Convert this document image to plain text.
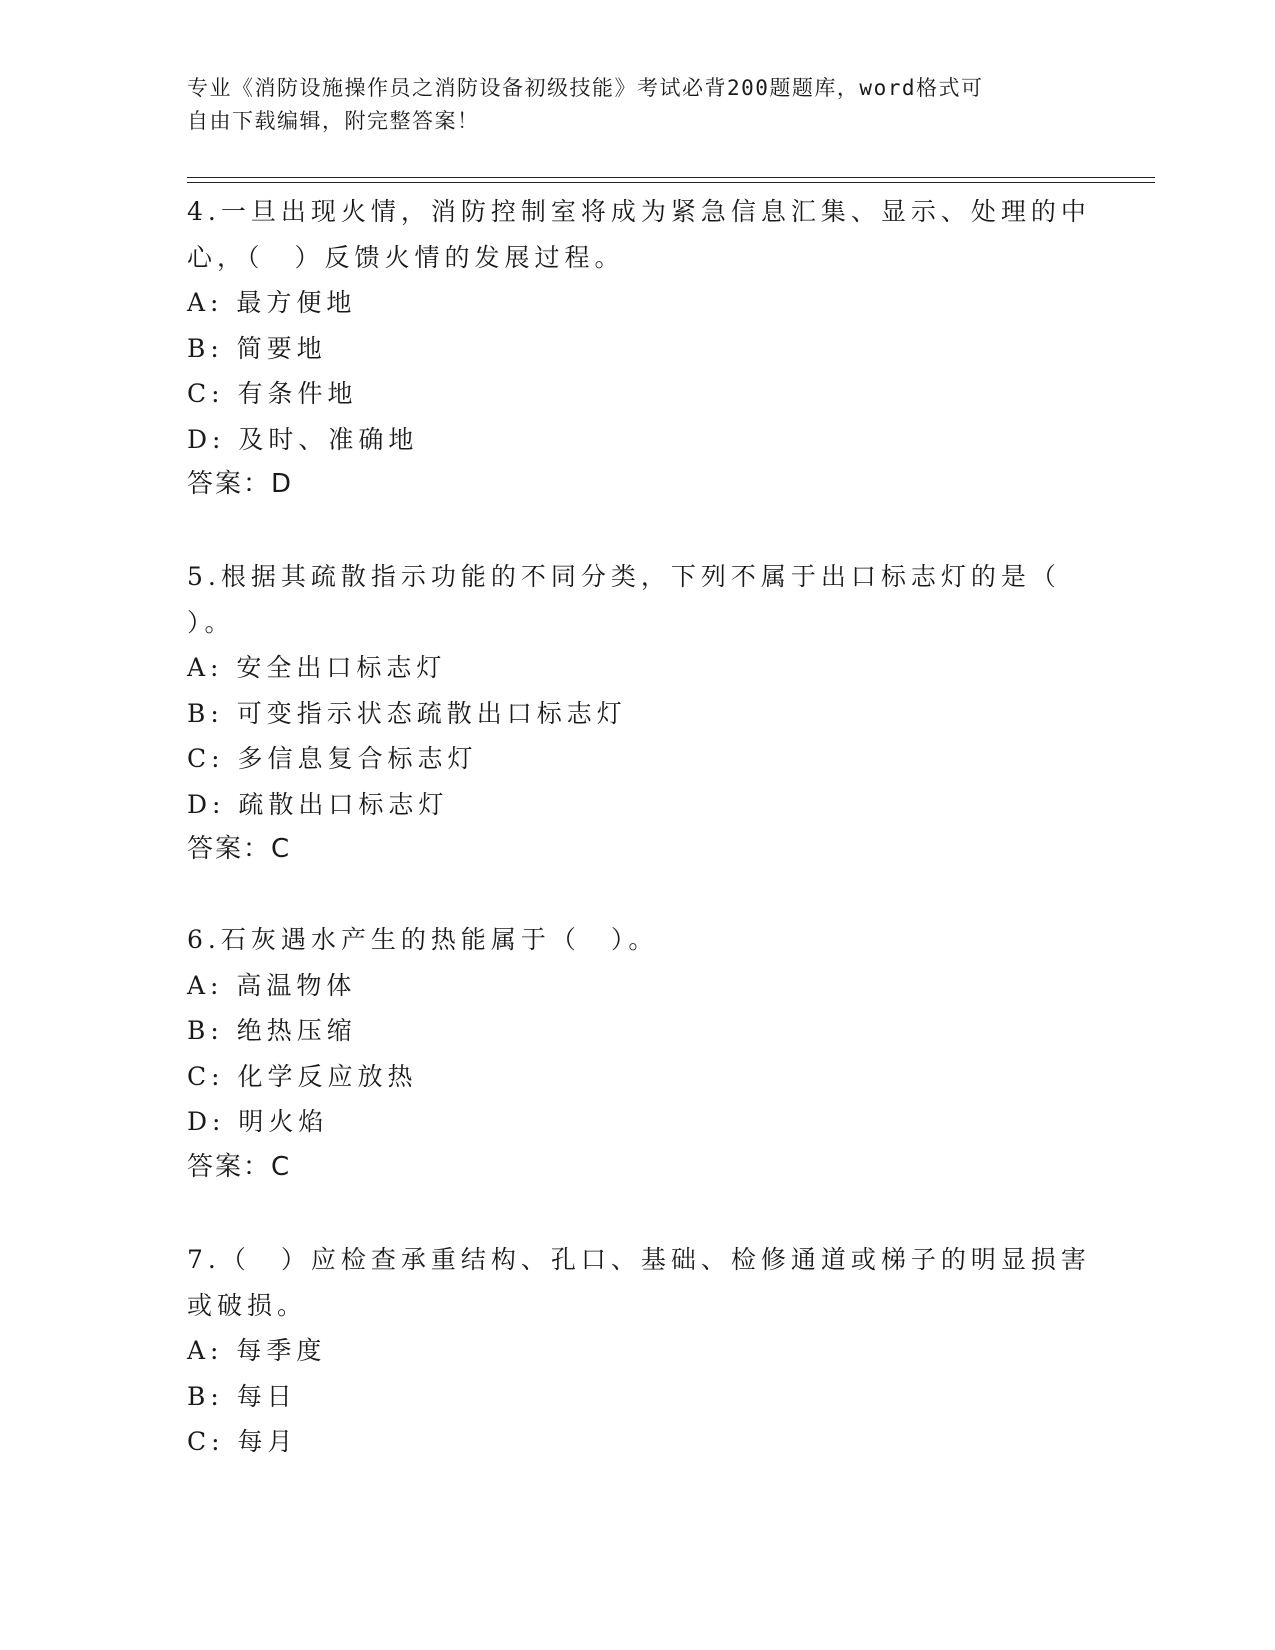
专业《消防设施操作员之消防设备初级技能》考试必背200题题库，word格式可
自由下载编辑，附完整答案！
4.一旦出现火情，消防控制室将成为紧急信息汇集、显示、处理的中
心，（　）反馈火情的发展过程。
A: 最方便地
B: 简要地
C: 有条件地
D: 及时、准确地
答案：D
5.根据其疏散指示功能的不同分类，下列不属于出口标志灯的是（
）。
A: 安全出口标志灯
B: 可变指示状态疏散出口标志灯
C: 多信息复合标志灯
D: 疏散出口标志灯
答案：C
6.石灰遇水产生的热能属于（　）。
A: 高温物体
B: 绝热压缩
C: 化学反应放热
D: 明火焰
答案：C
7.（　）应检查承重结构、孔口、基础、检修通道或梯子的明显损害
或破损。
A: 每季度
B: 每日
C: 每月
